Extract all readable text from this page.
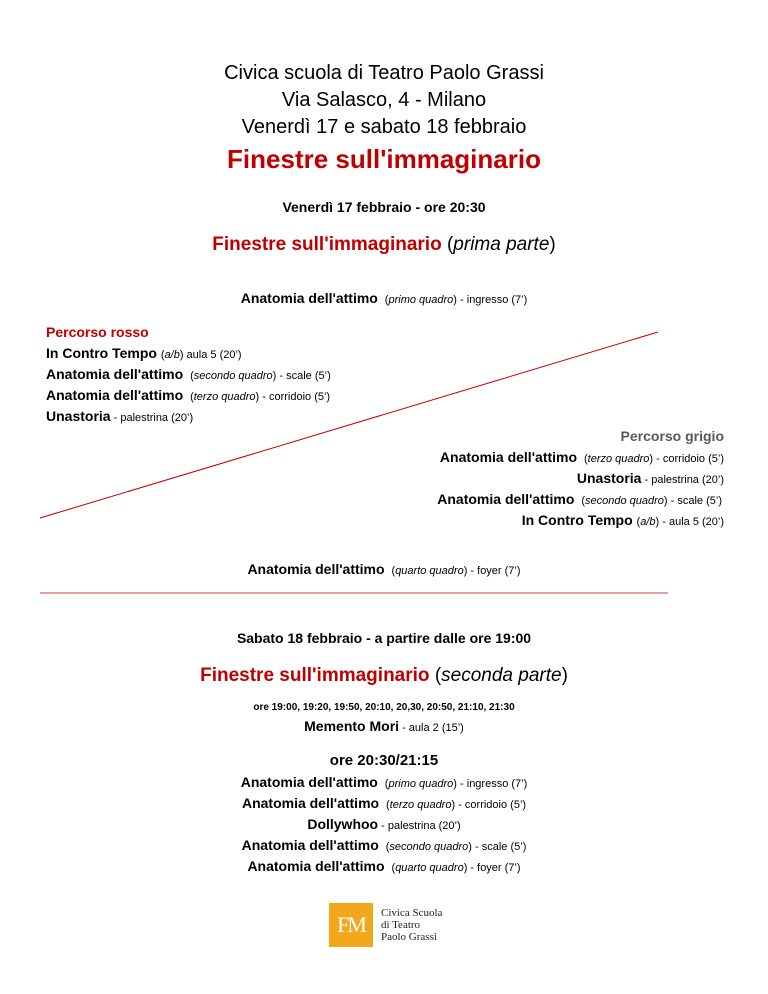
Civica scuola di Teatro Paolo Grassi
Via Salasco, 4 - Milano
Venerdì 17 e sabato 18 febbraio
Finestre sull'immaginario
Venerdì 17 febbraio - ore 20:30
Finestre sull'immaginario (prima parte)
Anatomia dell'attimo  (primo quadro) - ingresso (7’)
Percorso rosso
In Contro Tempo (a/b) aula 5 (20’)
Anatomia dell'attimo  (secondo quadro) - scale (5’)
Anatomia dell'attimo  (terzo quadro) - corridoio (5’)
Unastoria - palestrina (20’)
Percorso grigio
Anatomia dell'attimo  (terzo quadro) - corridoio (5’)
Unastoria - palestrina (20’)
Anatomia dell'attimo  (secondo quadro) - scale (5’)
In Contro Tempo (a/b) - aula 5 (20’)
Anatomia dell'attimo  (quarto quadro) - foyer (7’)
Sabato 18 febbraio - a partire dalle ore 19:00
Finestre sull'immaginario (seconda parte)
ore 19:00, 19:20, 19:50, 20:10, 20,30, 20:50, 21:10, 21:30
Memento Mori - aula 2 (15’)
ore 20:30/21:15
Anatomia dell'attimo  (primo quadro) - ingresso (7’)
Anatomia dell'attimo  (terzo quadro) - corridoio (5’)
Dollywhoo - palestrina (20’)
Anatomia dell'attimo  (secondo quadro) - scale (5’)
Anatomia dell'attimo  (quarto quadro) - foyer (7’)
FM	Civica Scuola
di Teatro
Paolo Grassi
